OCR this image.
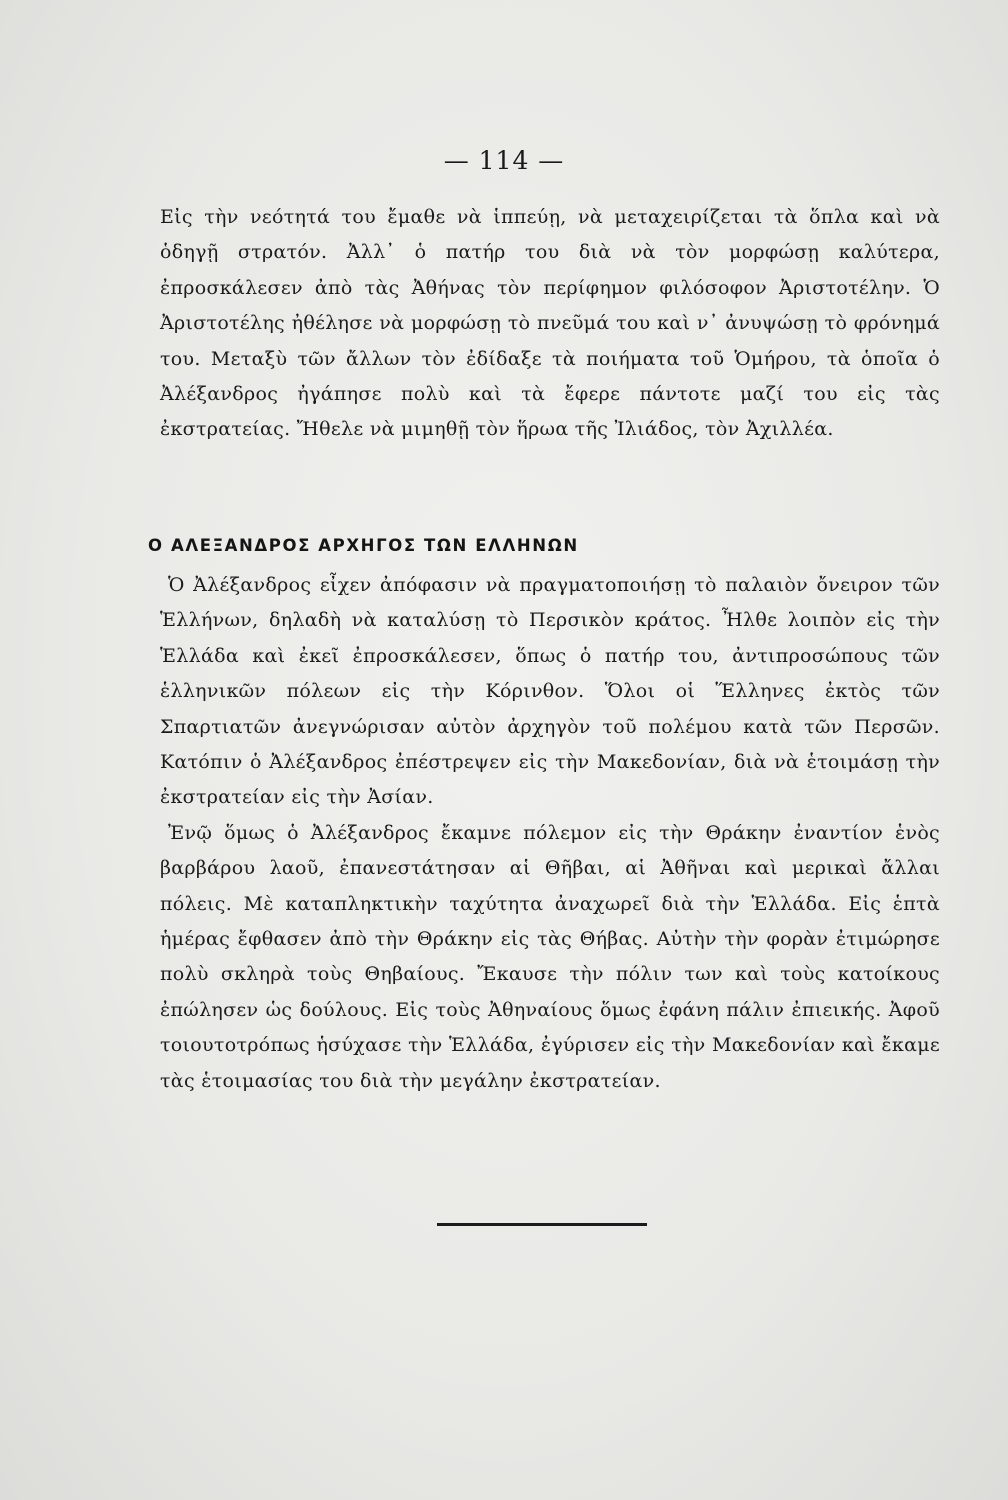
— 114 —

Εἰς τὴν νεότητά του ἔμαθε νὰ ἱππεύῃ, νὰ μεταχειρίζεται τὰ ὅπλα καὶ νὰ ὁδηγῇ στρατόν. Ἀλλ᾽ ὁ πατήρ του διὰ νὰ τὸν μορφώσῃ καλύτερα, ἐπροσκάλεσεν ἀπὸ τὰς Ἀθήνας τὸν περίφημον φιλόσοφον Ἀριστοτέλην. Ὁ Ἀριστοτέλης ἠθέλησε νὰ μορφώσῃ τὸ πνεῦμά του καὶ ν᾽ ἀνυψώσῃ τὸ φρόνημά του. Μεταξὺ τῶν ἄλλων τὸν ἐδίδαξε τὰ ποιήματα τοῦ Ὁμήρου, τὰ ὁποῖα ὁ Ἀλέξανδρος ἠγάπησε πολὺ καὶ τὰ ἔφερε πάντοτε μαζί του εἰς τὰς ἐκστρατείας. Ἤθελε νὰ μιμηθῇ τὸν ἥρωα τῆς Ἰλιάδος, τὸν Ἀχιλλέα.

Ο ΑΛΕΞΑΝΔΡΟΣ ΑΡΧΗΓΟΣ ΤΩΝ ΕΛΛΗΝΩΝ

Ὁ Ἀλέξανδρος εἶχεν ἀπόφασιν νὰ πραγματοποιήσῃ τὸ παλαιὸν ὄνειρον τῶν Ἑλλήνων, δηλαδὴ νὰ καταλύσῃ τὸ Περσικὸν κράτος. Ἦλθε λοιπὸν εἰς τὴν Ἑλλάδα καὶ ἐκεῖ ἐπροσκάλεσεν, ὅπως ὁ πατήρ του, ἀντιπροσώπους τῶν ἑλληνικῶν πόλεων εἰς τὴν Κόρινθον. Ὅλοι οἱ Ἕλληνες ἐκτὸς τῶν Σπαρτιατῶν ἀνεγνώρισαν αὐτὸν ἀρχηγὸν τοῦ πολέμου κατὰ τῶν Περσῶν. Κατόπιν ὁ Ἀλέξανδρος ἐπέστρεψεν εἰς τὴν Μακεδονίαν, διὰ νὰ ἑτοιμάσῃ τὴν ἐκστρατείαν εἰς τὴν Ἀσίαν.

Ἐνῷ ὅμως ὁ Ἀλέξανδρος ἔκαμνε πόλεμον εἰς τὴν Θράκην ἐναντίον ἑνὸς βαρβάρου λαοῦ, ἐπανεστάτησαν αἱ Θῆβαι, αἱ Ἀθῆναι καὶ μερικαὶ ἄλλαι πόλεις. Μὲ καταπληκτικὴν ταχύτητα ἀναχωρεῖ διὰ τὴν Ἑλλάδα. Εἰς ἑπτὰ ἡμέρας ἔφθασεν ἀπὸ τὴν Θράκην εἰς τὰς Θήβας. Αὐτὴν τὴν φορὰν ἐτιμώρησε πολὺ σκληρὰ τοὺς Θηβαίους. Ἔκαυσε τὴν πόλιν των καὶ τοὺς κατοίκους ἐπώλησεν ὡς δούλους. Εἰς τοὺς Ἀθηναίους ὅμως ἐφάνη πάλιν ἐπιεικής. Ἀφοῦ τοιουτοτρόπως ἡσύχασε τὴν Ἑλλάδα, ἐγύρισεν εἰς τὴν Μακεδονίαν καὶ ἔκαμε τὰς ἑτοιμασίας του διὰ τὴν μεγάλην ἐκστρατείαν.
